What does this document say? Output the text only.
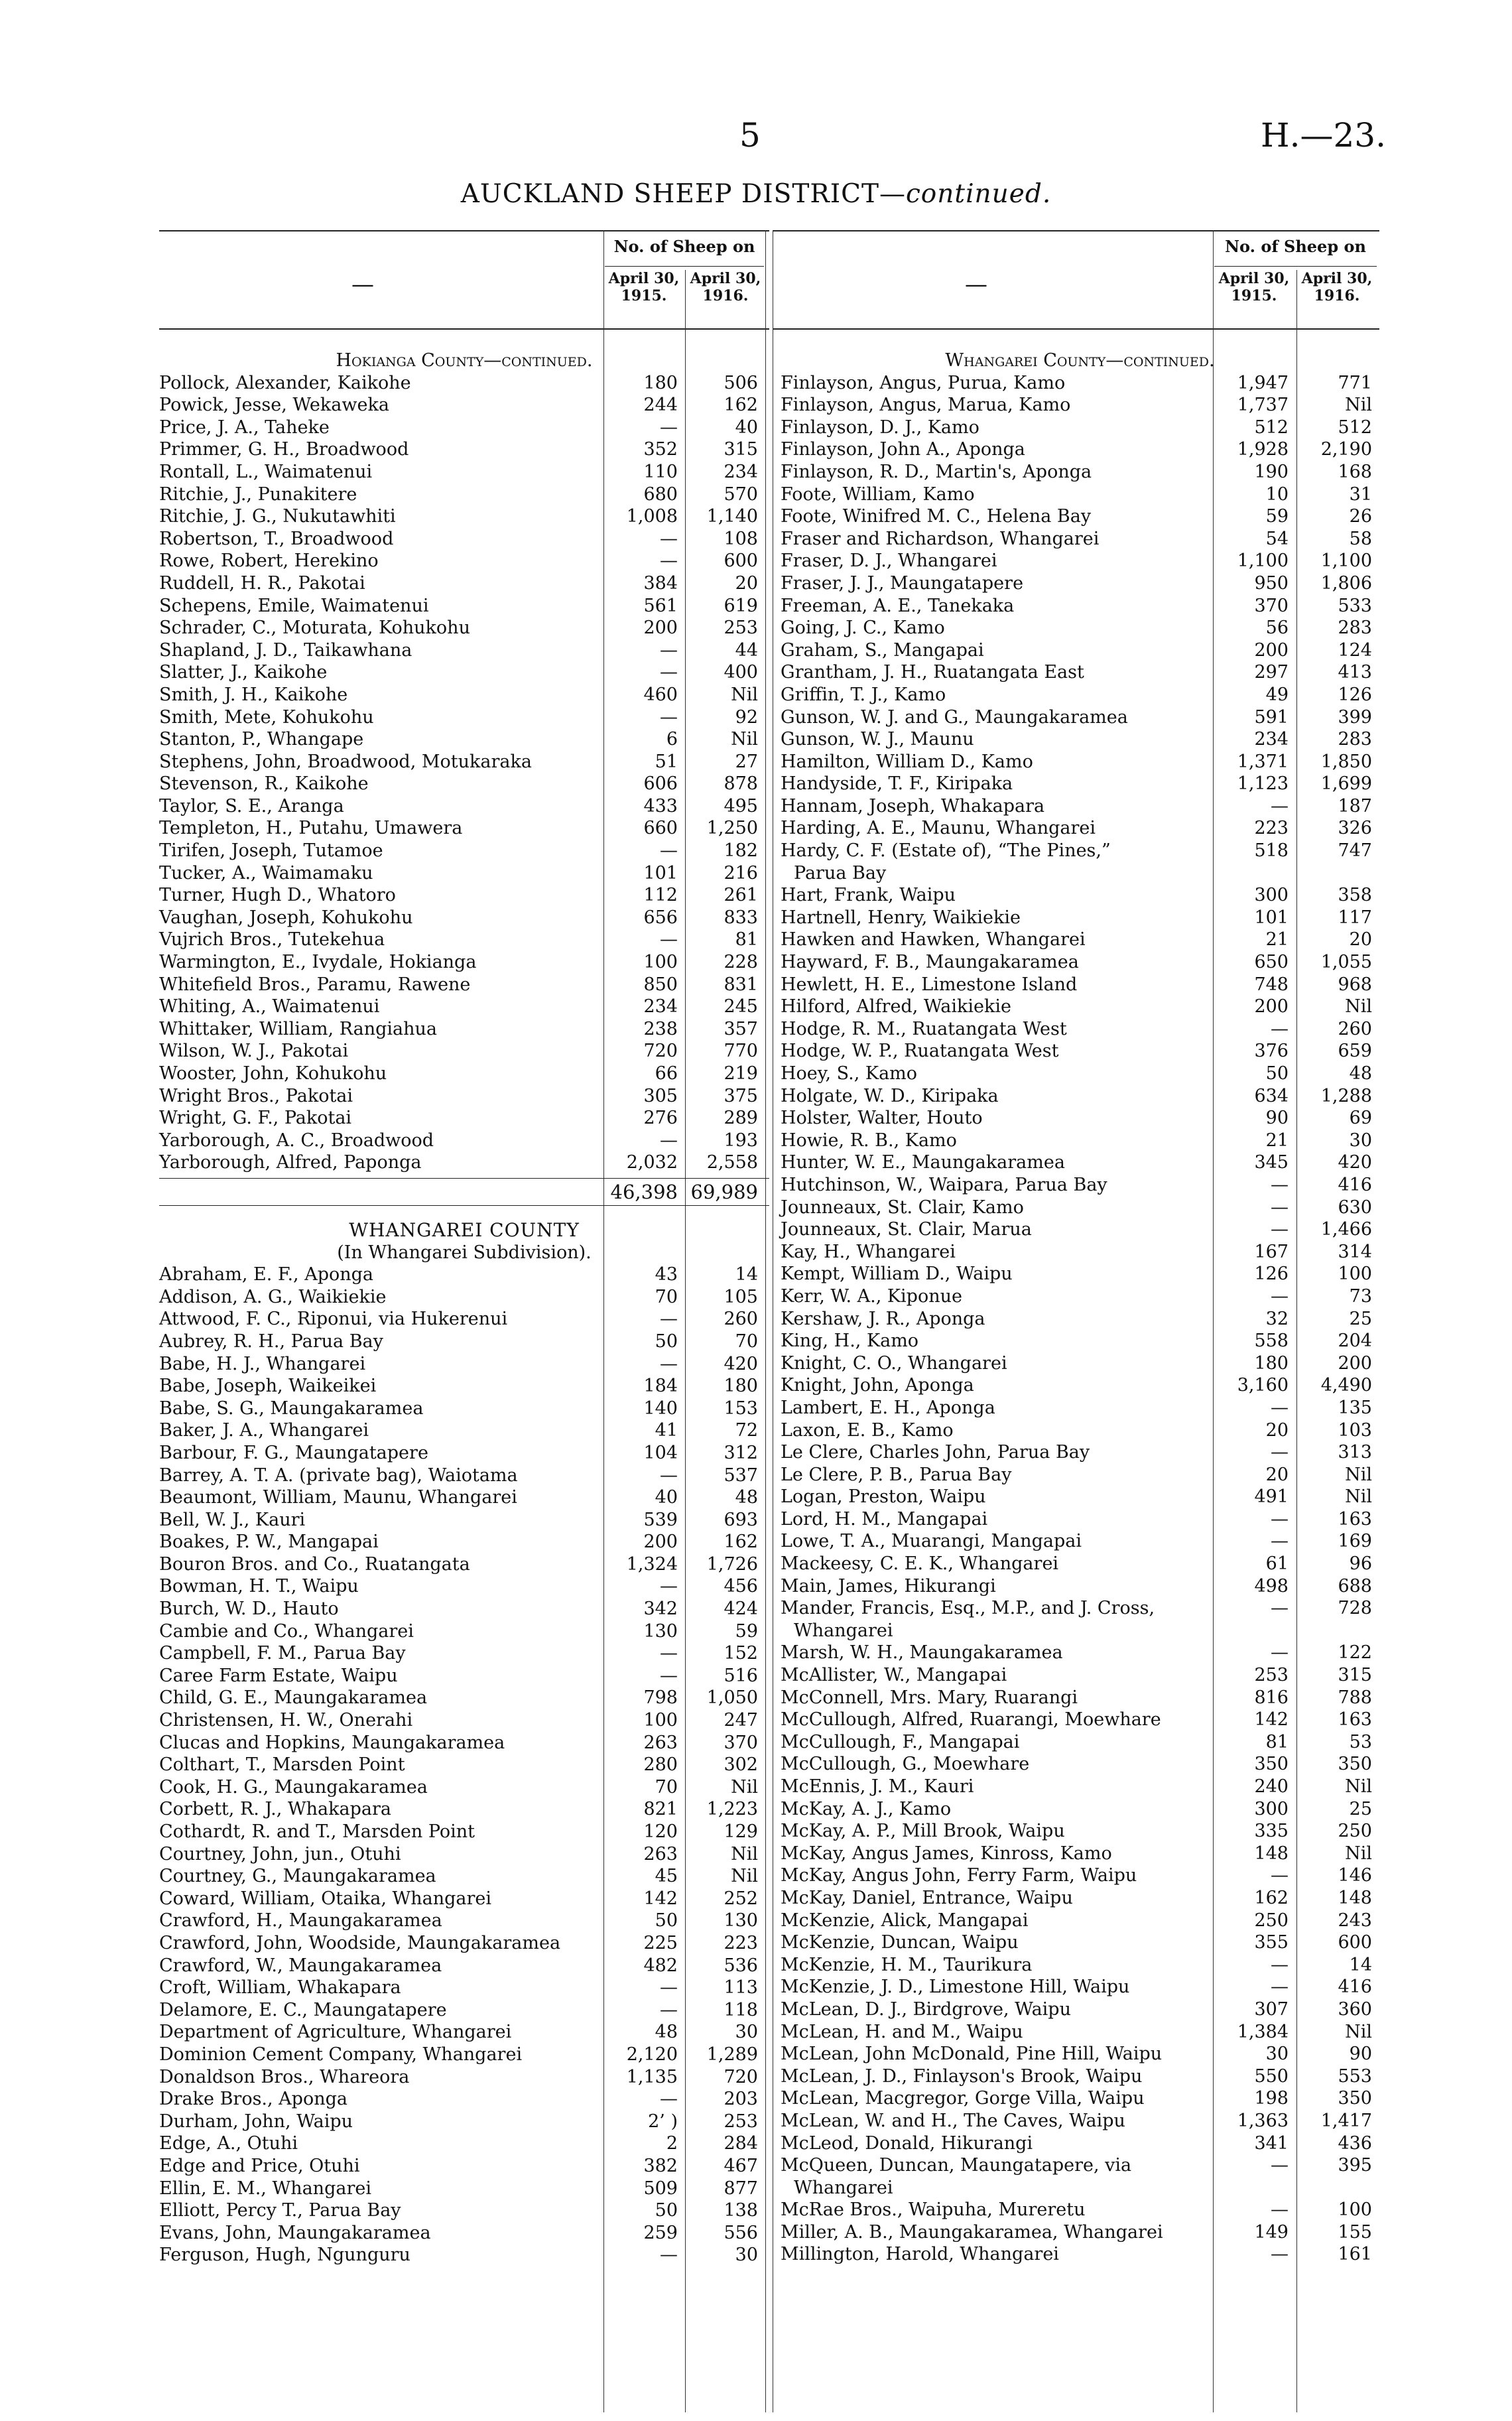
5	H.—23.
AUCKLAND SHEEP DISTRICT—continued.
—
No. of Sheep on
April 30,
1915.
April 30,
1916.
Hokianga County—continued.
Pollock, Alexander, Kaikohe	180	506
Powick, Jesse, Wekaweka	244	162
Price, J. A., Taheke	—	40
Primmer, G. H., Broadwood	352	315
Rontall, L., Waimatenui	110	234
Ritchie, J., Punakitere	680	570
Ritchie, J. G., Nukutawhiti	1,008	1,140
Robertson, T., Broadwood	—	108
Rowe, Robert, Herekino	—	600
Ruddell, H. R., Pakotai	384	20
Schepens, Emile, Waimatenui	561	619
Schrader, C., Moturata, Kohukohu	200	253
Shapland, J. D., Taikawhana	—	44
Slatter, J., Kaikohe	—	400
Smith, J. H., Kaikohe	460	Nil
Smith, Mete, Kohukohu	—	92
Stanton, P., Whangape	6	Nil
Stephens, John, Broadwood, Motukaraka	51	27
Stevenson, R., Kaikohe	606	878
Taylor, S. E., Aranga	433	495
Templeton, H., Putahu, Umawera	660	1,250
Tirifen, Joseph, Tutamoe	—	182
Tucker, A., Waimamaku	101	216
Turner, Hugh D., Whatoro	112	261
Vaughan, Joseph, Kohukohu	656	833
Vujrich Bros., Tutekehua	—	81
Warmington, E., Ivydale, Hokianga	100	228
Whitefield Bros., Paramu, Rawene	850	831
Whiting, A., Waimatenui	234	245
Whittaker, William, Rangiahua	238	357
Wilson, W. J., Pakotai	720	770
Wooster, John, Kohukohu	66	219
Wright Bros., Pakotai	305	375
Wright, G. F., Pakotai	276	289
Yarborough, A. C., Broadwood	—	193
Yarborough, Alfred, Paponga	2,032	2,558
46,398 69,989
WHANGAREI COUNTY
(In Whangarei Subdivision).
Abraham, E. F., Aponga	43	14
Addison, A. G., Waikiekie	70	105
Attwood, F. C., Riponui, via Hukerenui	—	260
Aubrey, R. H., Parua Bay	50	70
Babe, H. J., Whangarei	—	420
Babe, Joseph, Waikeikei	184	180
Babe, S. G., Maungakaramea	140	153
Baker, J. A., Whangarei	41	72
Barbour, F. G., Maungatapere	104	312
Barrey, A. T. A. (private bag), Waiotama	—	537
Beaumont, William, Maunu, Whangarei	40	48
Bell, W. J., Kauri	539	693
Boakes, P. W., Mangapai	200	162
Bouron Bros. and Co., Ruatangata	1,324	1,726
Bowman, H. T., Waipu	—	456
Burch, W. D., Hauto	342	424
Cambie and Co., Whangarei	130	59
Campbell, F. M., Parua Bay	—	152
Caree Farm Estate, Waipu	—	516
Child, G. E., Maungakaramea	798	1,050
Christensen, H. W., Onerahi	100	247
Clucas and Hopkins, Maungakaramea	263	370
Colthart, T., Marsden Point	280	302
Cook, H. G., Maungakaramea	70	Nil
Corbett, R. J., Whakapara	821	1,223
Cothardt, R. and T., Marsden Point	120	129
Courtney, John, jun., Otuhi	263	Nil
Courtney, G., Maungakaramea	45	Nil
Coward, William, Otaika, Whangarei	142	252
Crawford, H., Maungakaramea	50	130
Crawford, John, Woodside, Maungakaramea	225	223
Crawford, W., Maungakaramea	482	536
Croft, William, Whakapara	—	113
Delamore, E. C., Maungatapere	—	118
Department of Agriculture, Whangarei	48	30
Dominion Cement Company, Whangarei	2,120	1,289
Donaldson Bros., Whareora	1,135	720
Drake Bros., Aponga	—	203
Durham, John, Waipu	2’ )	253
Edge, A., Otuhi	2	284
Edge and Price, Otuhi	382	467
Ellin, E. M., Whangarei	509	877
Elliott, Percy T., Parua Bay	50	138
Evans, John, Maungakaramea	259	556
Ferguson, Hugh, Ngunguru	—	30
—
No. of Sheep on
April 30,
1915.
April 30,
1916.
Whangarei County—continued.
Finlayson, Angus, Purua, Kamo	1,947	771
Finlayson, Angus, Marua, Kamo	1,737	Nil
Finlayson, D. J., Kamo	512	512
Finlayson, John A., Aponga	1,928	2,190
Finlayson, R. D., Martin's, Aponga	190	168
Foote, William, Kamo	10	31
Foote, Winifred M. C., Helena Bay	59	26
Fraser and Richardson, Whangarei	54	58
Fraser, D. J., Whangarei	1,100	1,100
Fraser, J. J., Maungatapere	950	1,806
Freeman, A. E., Tanekaka	370	533
Going, J. C., Kamo	56	283
Graham, S., Mangapai	200	124
Grantham, J. H., Ruatangata East	297	413
Griffin, T. J., Kamo	49	126
Gunson, W. J. and G., Maungakaramea	591	399
Gunson, W. J., Maunu	234	283
Hamilton, William D., Kamo	1,371	1,850
Handyside, T. F., Kiripaka	1,123	1,699
Hannam, Joseph, Whakapara	—	187
Harding, A. E., Maunu, Whangarei	223	326
Hardy, C. F. (Estate of), “The Pines,”	518	747
Parua Bay
Hart, Frank, Waipu	300	358
Hartnell, Henry, Waikiekie	101	117
Hawken and Hawken, Whangarei	21	20
Hayward, F. B., Maungakaramea	650	1,055
Hewlett, H. E., Limestone Island	748	968
Hilford, Alfred, Waikiekie	200	Nil
Hodge, R. M., Ruatangata West	—	260
Hodge, W. P., Ruatangata West	376	659
Hoey, S., Kamo	50	48
Holgate, W. D., Kiripaka	634	1,288
Holster, Walter, Houto	90	69
Howie, R. B., Kamo	21	30
Hunter, W. E., Maungakaramea	345	420
Hutchinson, W., Waipara, Parua Bay	—	416
Jounneaux, St. Clair, Kamo	—	630
Jounneaux, St. Clair, Marua	—	1,466
Kay, H., Whangarei	167	314
Kempt, William D., Waipu	126	100
Kerr, W. A., Kiponue	—	73
Kershaw, J. R., Aponga	32	25
King, H., Kamo	558	204
Knight, C. O., Whangarei	180	200
Knight, John, Aponga	3,160	4,490
Lambert, E. H., Aponga	—	135
Laxon, E. B., Kamo	20	103
Le Clere, Charles John, Parua Bay	—	313
Le Clere, P. B., Parua Bay	20	Nil
Logan, Preston, Waipu	491	Nil
Lord, H. M., Mangapai	—	163
Lowe, T. A., Muarangi, Mangapai	—	169
Mackeesy, C. E. K., Whangarei	61	96
Main, James, Hikurangi	498	688
Mander, Francis, Esq., M.P., and J. Cross,	—	728
Whangarei
Marsh, W. H., Maungakaramea	—	122
McAllister, W., Mangapai	253	315
McConnell, Mrs. Mary, Ruarangi	816	788
McCullough, Alfred, Ruarangi, Moewhare	142	163
McCullough, F., Mangapai	81	53
McCullough, G., Moewhare	350	350
McEnnis, J. M., Kauri	240	Nil
McKay, A. J., Kamo	300	25
McKay, A. P., Mill Brook, Waipu	335	250
McKay, Angus James, Kinross, Kamo	148	Nil
McKay, Angus John, Ferry Farm, Waipu	—	146
McKay, Daniel, Entrance, Waipu	162	148
McKenzie, Alick, Mangapai	250	243
McKenzie, Duncan, Waipu	355	600
McKenzie, H. M., Taurikura	—	14
McKenzie, J. D., Limestone Hill, Waipu	—	416
McLean, D. J., Birdgrove, Waipu	307	360
McLean, H. and M., Waipu	1,384	Nil
McLean, John McDonald, Pine Hill, Waipu	30	90
McLean, J. D., Finlayson's Brook, Waipu	550	553
McLean, Macgregor, Gorge Villa, Waipu	198	350
McLean, W. and H., The Caves, Waipu	1,363	1,417
McLeod, Donald, Hikurangi	341	436
McQueen, Duncan, Maungatapere, via	—	395
Whangarei
McRae Bros., Waipuha, Mureretu	—	100
Miller, A. B., Maungakaramea, Whangarei	149	155
Millington, Harold, Whangarei	—	161
